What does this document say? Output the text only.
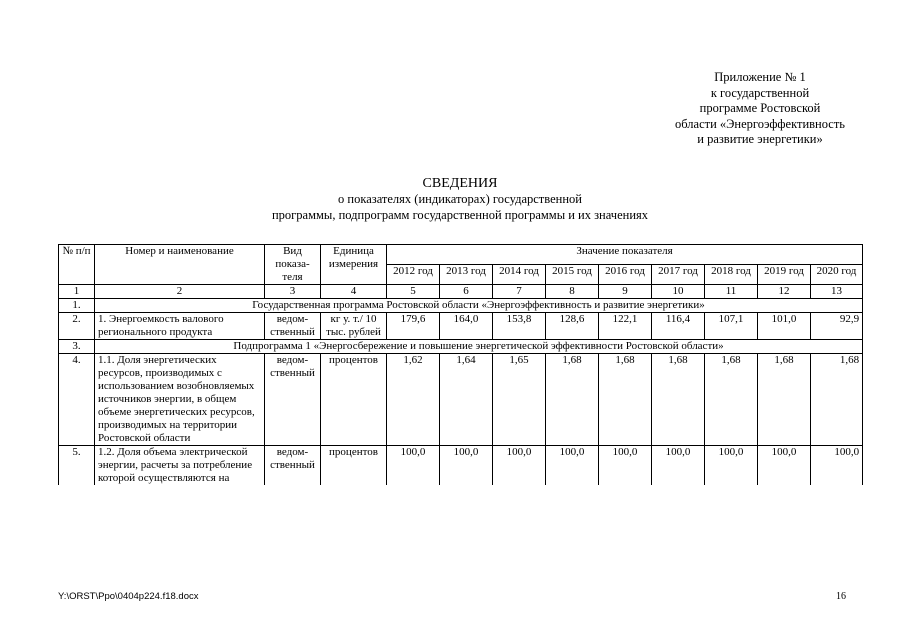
Приложение № 1
к государственной
программе Ростовской
области «Энергоэффективность
и развитие энергетики»
СВЕДЕНИЯ
о показателях (индикаторах) государственной
программы, подпрограмм государственной программы и их значениях
№ п/п	Номер и наименование	Вид показа-теля	Единица измерения	Значение показателя								
				2012 год	2013 год	2014 год	2015 год	2016 год	2017 год	2018 год	2019 год	2020 год
1	2	3	4	5	6	7	8	9	10	11	12	13
1.	Государственная программа Ростовской области «Энергоэффективность и развитие энергетики»											
2.	1. Энергоемкость валового регионального продукта	ведом-ственный	кг у. т./ 10 тыс. рублей	179,6	164,0	153,8	128,6	122,1	116,4	107,1	101,0	92,9
3.	Подпрограмма 1 «Энергосбережение и повышение энергетической эффективности Ростовской области»											
4.	1.1. Доля энергетических ресурсов, производимых с использованием возобновляемых источников энергии, в общем объеме энергетических ресурсов, производимых на территории Ростовской области	ведом-ственный	процентов	1,62	1,64	1,65	1,68	1,68	1,68	1,68	1,68	1,68
5.	1.2. Доля объема электрической энергии, расчеты за потребление которой осуществляются на	ведом-ственный	процентов	100,0	100,0	100,0	100,0	100,0	100,0	100,0	100,0	100,0
Y:\ORST\Ppo\0404p224.f18.docx	16
